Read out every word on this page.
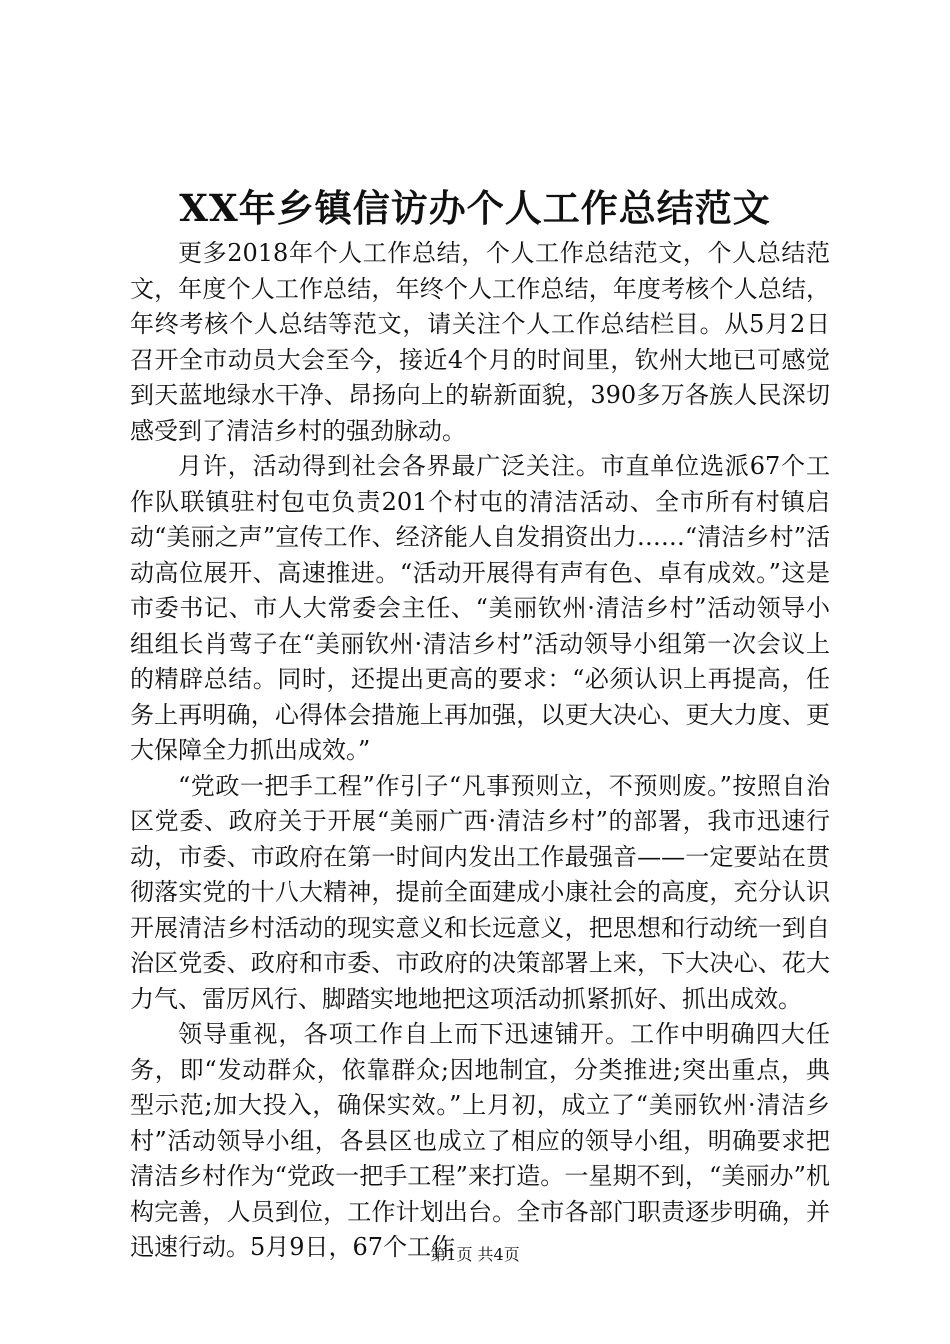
XX年乡镇信访办个人工作总结范文

更多2018年个人工作总结，个人工作总结范文，个人总结范文，年度个人工作总结，年终个人工作总结，年度考核个人总结，年终考核个人总结等范文，请关注个人工作总结栏目。从5月2日召开全市动员大会至今，接近4个月的时间里，钦州大地已可感觉到天蓝地绿水干净、昂扬向上的崭新面貌，390多万各族人民深切感受到了清洁乡村的强劲脉动。

月许，活动得到社会各界最广泛关注。市直单位选派67个工作队联镇驻村包屯负责201个村屯的清洁活动、全市所有村镇启动“美丽之声”宣传工作、经济能人自发捐资出力……“清洁乡村”活动高位展开、高速推进。“活动开展得有声有色、卓有成效。”这是市委书记、市人大常委会主任、“美丽钦州·清洁乡村”活动领导小组组长肖莺子在“美丽钦州·清洁乡村”活动领导小组第一次会议上的精辟总结。同时，还提出更高的要求：“必须认识上再提高，任务上再明确，心得体会措施上再加强，以更大决心、更大力度、更大保障全力抓出成效。”

“党政一把手工程”作引子“凡事预则立，不预则废。”按照自治区党委、政府关于开展“美丽广西·清洁乡村”的部署，我市迅速行动，市委、市政府在第一时间内发出工作最强音——一定要站在贯彻落实党的十八大精神，提前全面建成小康社会的高度，充分认识开展清洁乡村活动的现实意义和长远意义，把思想和行动统一到自治区党委、政府和市委、市政府的决策部署上来，下大决心、花大力气、雷厉风行、脚踏实地地把这项活动抓紧抓好、抓出成效。

领导重视，各项工作自上而下迅速铺开。工作中明确四大任务，即“发动群众，依靠群众;因地制宜，分类推进;突出重点，典型示范;加大投入，确保实效。”上月初，成立了“美丽钦州·清洁乡村”活动领导小组，各县区也成立了相应的领导小组，明确要求把清洁乡村作为“党政一把手工程”来打造。一星期不到，“美丽办”机构完善，人员到位，工作计划出台。全市各部门职责逐步明确，并迅速行动。5月9日，67个工作

第1页 共4页
